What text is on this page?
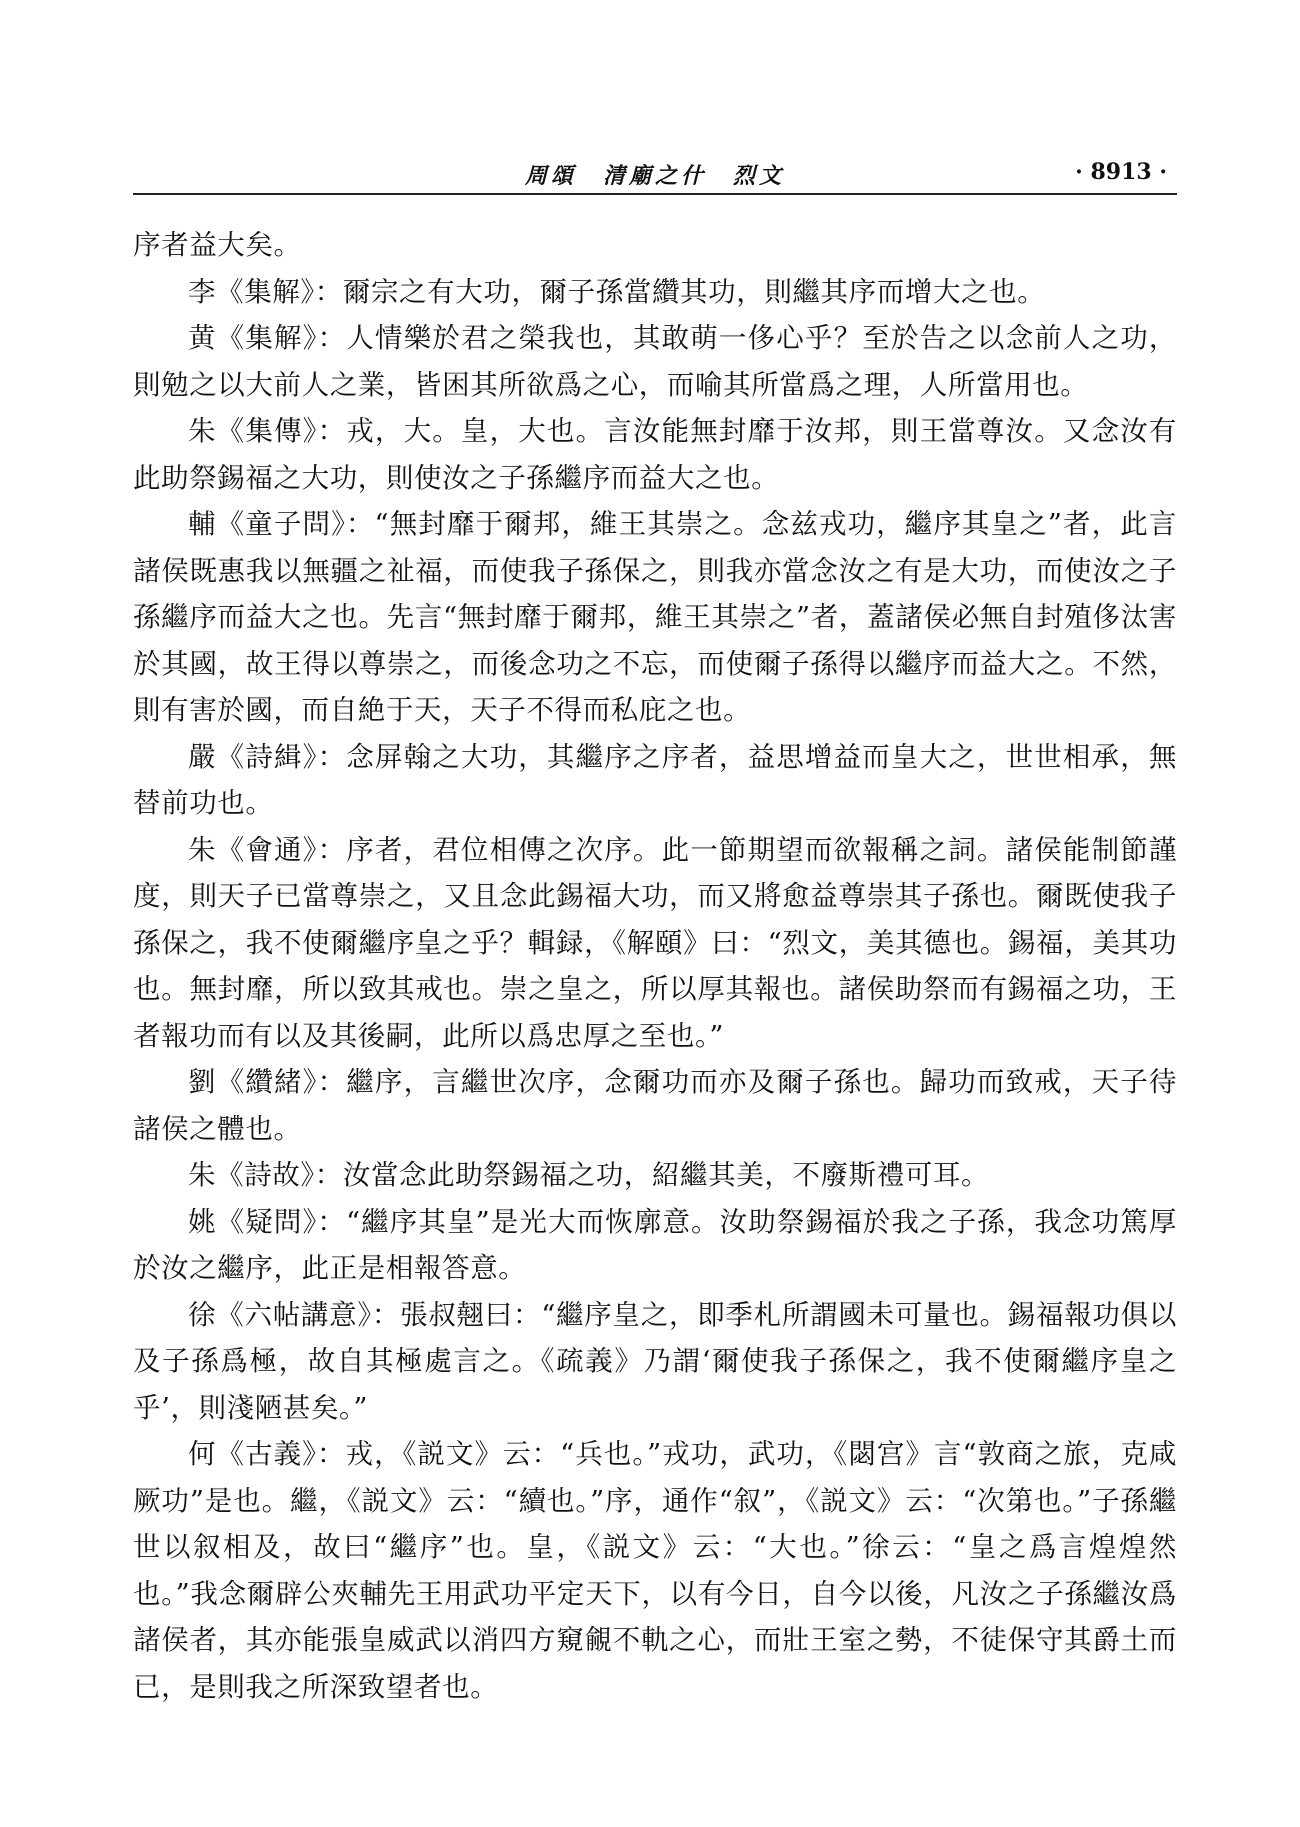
周頌　清廟之什　烈文	· 8913 ·

序者益大矣。

李《集解》：爾宗之有大功，爾子孫當纘其功，則繼其序而增大之也。

黄《集解》：人情樂於君之榮我也，其敢萌一侈心乎？至於告之以念前人之功，則勉之以大前人之業，皆困其所欲爲之心，而喻其所當爲之理，人所當用也。

朱《集傳》：戎，大。皇，大也。言汝能無封靡于汝邦，則王當尊汝。又念汝有此助祭錫福之大功，則使汝之子孫繼序而益大之也。

輔《童子問》：“無封靡于爾邦，維王其崇之。念兹戎功，繼序其皇之”者，此言諸侯既惠我以無疆之祉福，而使我子孫保之，則我亦當念汝之有是大功，而使汝之子孫繼序而益大之也。先言“無封靡于爾邦，維王其崇之”者，蓋諸侯必無自封殖侈汰害於其國，故王得以尊崇之，而後念功之不忘，而使爾子孫得以繼序而益大之。不然，則有害於國，而自絶于天，天子不得而私庇之也。

嚴《詩緝》：念屏翰之大功，其繼序之序者，益思增益而皇大之，世世相承，無替前功也。

朱《會通》：序者，君位相傳之次序。此一節期望而欲報稱之詞。諸侯能制節謹度，則天子已當尊崇之，又且念此錫福大功，而又將愈益尊崇其子孫也。爾既使我子孫保之，我不使爾繼序皇之乎？輯録，《解頤》曰：“烈文，美其德也。錫福，美其功也。無封靡，所以致其戒也。崇之皇之，所以厚其報也。諸侯助祭而有錫福之功，王者報功而有以及其後嗣，此所以爲忠厚之至也。”

劉《纘緒》：繼序，言繼世次序，念爾功而亦及爾子孫也。歸功而致戒，天子待諸侯之體也。

朱《詩故》：汝當念此助祭錫福之功，紹繼其美，不廢斯禮可耳。

姚《疑問》：“繼序其皇”是光大而恢廓意。汝助祭錫福於我之子孫，我念功篤厚於汝之繼序，此正是相報答意。

徐《六帖講意》：張叔翹曰：“繼序皇之，即季札所謂國未可量也。錫福報功俱以及子孫爲極，故自其極處言之。《疏義》乃謂‘爾使我子孫保之，我不使爾繼序皇之乎’，則淺陋甚矣。”

何《古義》：戎，《説文》云：“兵也。”戎功，武功，《閟宫》言“敦商之旅，克咸厥功”是也。繼，《説文》云：“續也。”序，通作“叙”，《説文》云：“次第也。”子孫繼世以叙相及，故曰“繼序”也。皇，《説文》云：“大也。”徐云：“皇之爲言煌煌然也。”我念爾辟公夾輔先王用武功平定天下，以有今日，自今以後，凡汝之子孫繼汝爲諸侯者，其亦能張皇威武以消四方窺覦不軌之心，而壯王室之勢，不徒保守其爵土而已，是則我之所深致望者也。
